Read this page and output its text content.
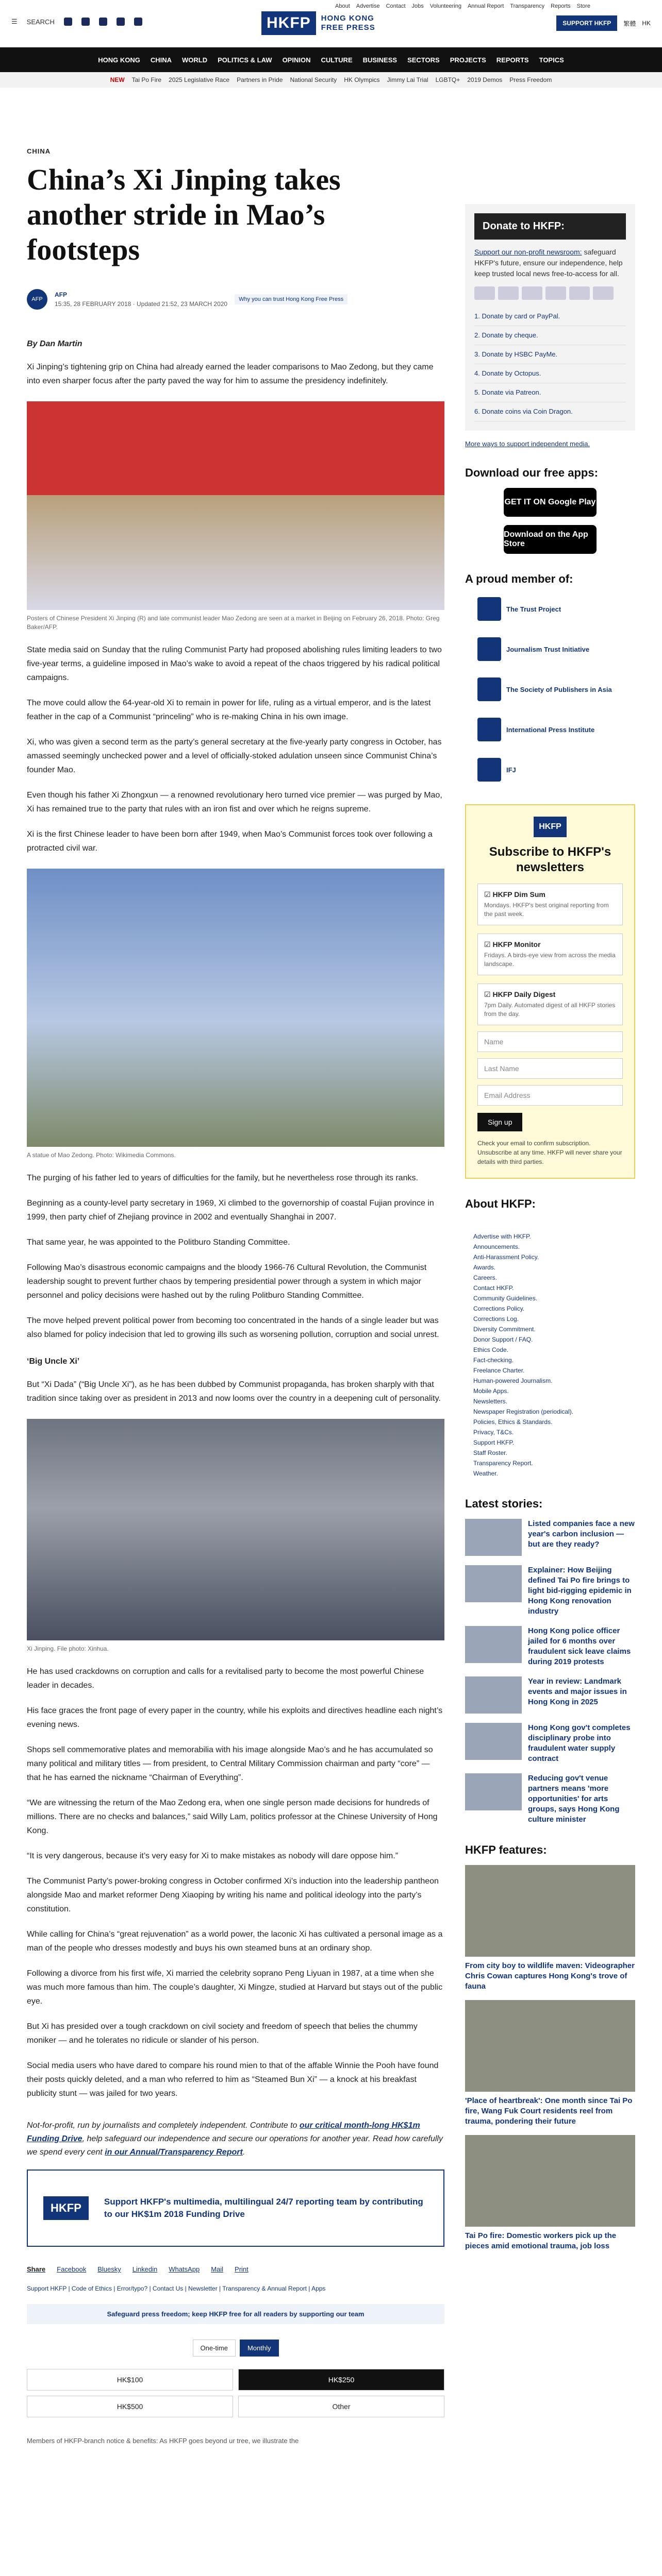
☰ SEARCH
About Advertise Contact Jobs Volunteering Annual Report Transparency Reports Store
HKFP	HONG KONG
FREE PRESS	SUPPORT HKFP	繁體 HK
HONG KONG CHINA WORLD POLITICS & LAW OPINION CULTURE BUSINESS SECTORS PROJECTS REPORTS TOPICS
NEW Tai Po Fire 2025 Legislative Race Partners in Pride National Security HK Olympics Jimmy Lai Trial LGBTQ+ 2019 Demos Press Freedom
CHINA
China’s Xi Jinping takes another stride in Mao’s footsteps
AFP
AFP
15:35, 28 FEBRUARY 2018 · Updated 21:52, 23 MARCH 2020
Why you can trust Hong Kong Free Press
By Dan Martin

Xi Jinping’s tightening grip on China had already earned the leader comparisons to Mao Zedong, but they came into even sharper focus after the party paved the way for him to assume the presidency indefinitely.

Posters of Chinese President Xi Jinping (R) and late communist leader Mao Zedong are seen at a market in Beijing on February 26, 2018. Photo: Greg Baker/AFP.

State media said on Sunday that the ruling Communist Party had proposed abolishing rules limiting leaders to two five-year terms, a guideline imposed in Mao’s wake to avoid a repeat of the chaos triggered by his radical political campaigns.

The move could allow the 64-year-old Xi to remain in power for life, ruling as a virtual emperor, and is the latest feather in the cap of a Communist “princeling” who is re-making China in his own image.

Xi, who was given a second term as the party’s general secretary at the five-yearly party congress in October, has amassed seemingly unchecked power and a level of officially-stoked adulation unseen since Communist China’s founder Mao.

Even though his father Xi Zhongxun — a renowned revolutionary hero turned vice premier — was purged by Mao, Xi has remained true to the party that rules with an iron fist and over which he reigns supreme.

Xi is the first Chinese leader to have been born after 1949, when Mao’s Communist forces took over following a protracted civil war.

A statue of Mao Zedong. Photo: Wikimedia Commons.

The purging of his father led to years of difficulties for the family, but he nevertheless rose through its ranks.

Beginning as a county-level party secretary in 1969, Xi climbed to the governorship of coastal Fujian province in 1999, then party chief of Zhejiang province in 2002 and eventually Shanghai in 2007.

That same year, he was appointed to the Politburo Standing Committee.

Following Mao’s disastrous economic campaigns and the bloody 1966-76 Cultural Revolution, the Communist leadership sought to prevent further chaos by tempering presidential power through a system in which major personnel and policy decisions were hashed out by the ruling Politburo Standing Committee.

The move helped prevent political power from becoming too concentrated in the hands of a single leader but was also blamed for policy indecision that led to growing ills such as worsening pollution, corruption and social unrest.

‘Big Uncle Xi’

But “Xi Dada” (“Big Uncle Xi”), as he has been dubbed by Communist propaganda, has broken sharply with that tradition since taking over as president in 2013 and now looms over the country in a deepening cult of personality.

Xi Jinping. File photo: Xinhua.

He has used crackdowns on corruption and calls for a revitalised party to become the most powerful Chinese leader in decades.

His face graces the front page of every paper in the country, while his exploits and directives headline each night’s evening news.

Shops sell commemorative plates and memorabilia with his image alongside Mao’s and he has accumulated so many political and military titles — from president, to Central Military Commission chairman and party “core” — that he has earned the nickname “Chairman of Everything”.

“We are witnessing the return of the Mao Zedong era, when one single person made decisions for hundreds of millions. There are no checks and balances,” said Willy Lam, politics professor at the Chinese University of Hong Kong.

“It is very dangerous, because it’s very easy for Xi to make mistakes as nobody will dare oppose him.”

The Communist Party’s power-broking congress in October confirmed Xi’s induction into the leadership pantheon alongside Mao and market reformer Deng Xiaoping by writing his name and political ideology into the party’s constitution.

While calling for China’s “great rejuvenation” as a world power, the laconic Xi has cultivated a personal image as a man of the people who dresses modestly and buys his own steamed buns at an ordinary shop.

Following a divorce from his first wife, Xi married the celebrity soprano Peng Liyuan in 1987, at a time when she was much more famous than him. The couple’s daughter, Xi Mingze, studied at Harvard but stays out of the public eye.

But Xi has presided over a tough crackdown on civil society and freedom of speech that belies the chummy moniker — and he tolerates no ridicule or slander of his person.

Social media users who have dared to compare his round mien to that of the affable Winnie the Pooh have found their posts quickly deleted, and a man who referred to him as “Steamed Bun Xi” — a knock at his breakfast publicity stunt — was jailed for two years.

Not-for-profit, run by journalists and completely independent. Contribute to our critical month-long HK$1m Funding Drive, help safeguard our independence and secure our operations for another year. Read how carefully we spend every cent in our Annual/Transparency Report.
HKFP	Support HKFP's multimedia, multilingual 24/7 reporting team by contributing to our HK$1m 2018 Funding Drive
Share Facebook Bluesky Linkedin WhatsApp Mail Print
Support HKFP | Code of Ethics | Error/typo? | Contact Us | Newsletter | Transparency & Annual Report | Apps
Safeguard press freedom; keep HKFP free for all readers by supporting our team
One-time	Monthly
HK$100	HK$250
HK$500	Other
Members of HKFP-branch notice & benefits: As HKFP goes beyond ur tree, we illustrate the
Donate to HKFP:
Support our non-profit newsroom: safeguard HKFP's future, ensure our independence, help keep trusted local news free-to-access for all.
1. Donate by card or PayPal.
2. Donate by cheque.
3. Donate by HSBC PayMe.
4. Donate by Octopus.
5. Donate via Patreon.
6. Donate coins via Coin Dragon.
More ways to support independent media.
Download our free apps:
GET IT ON Google Play
Download on the App Store
A proud member of:
The Trust Project
Journalism Trust Initiative
The Society of Publishers in Asia
International Press Institute
IFJ
HKFP
Subscribe to HKFP's newsletters
☑ HKFP Dim Sum
Mondays. HKFP's best original reporting from the past week.
☑ HKFP Monitor
Fridays. A birds-eye view from across the media landscape.
☑ HKFP Daily Digest
7pm Daily. Automated digest of all HKFP stories from the day.
Name
Last Name
Email Address
Sign up
Check your email to confirm subscription. Unsubscribe at any time. HKFP will never share your details with third parties.
About HKFP:
Advertise with HKFP.
Announcements.
Anti-Harassment Policy.
Awards.
Careers.
Contact HKFP.
Community Guidelines.
Corrections Policy.
Corrections Log.
Diversity Commitment.
Donor Support / FAQ.
Ethics Code.
Fact-checking.
Freelance Charter.
Human-powered Journalism.
Mobile Apps.
Newsletters.
Newspaper Registration (periodical).
Policies, Ethics & Standards.
Privacy, T&Cs.
Support HKFP.
Staff Roster.
Transparency Report.
Weather.
Latest stories:
Listed companies face a new year's carbon inclusion — but are they ready?
Explainer: How Beijing defined Tai Po fire brings to light bid-rigging epidemic in Hong Kong renovation industry
Hong Kong police officer jailed for 6 months over fraudulent sick leave claims during 2019 protests
Year in review: Landmark events and major issues in Hong Kong in 2025
Hong Kong gov't completes disciplinary probe into fraudulent water supply contract
Reducing gov't venue partners means 'more opportunities' for arts groups, says Hong Kong culture minister
HKFP features:
From city boy to wildlife maven: Videographer Chris Cowan captures Hong Kong's trove of fauna
'Place of heartbreak': One month since Tai Po fire, Wang Fuk Court residents reel from trauma, pondering their future
Tai Po fire: Domestic workers pick up the pieces amid emotional trauma, job loss
